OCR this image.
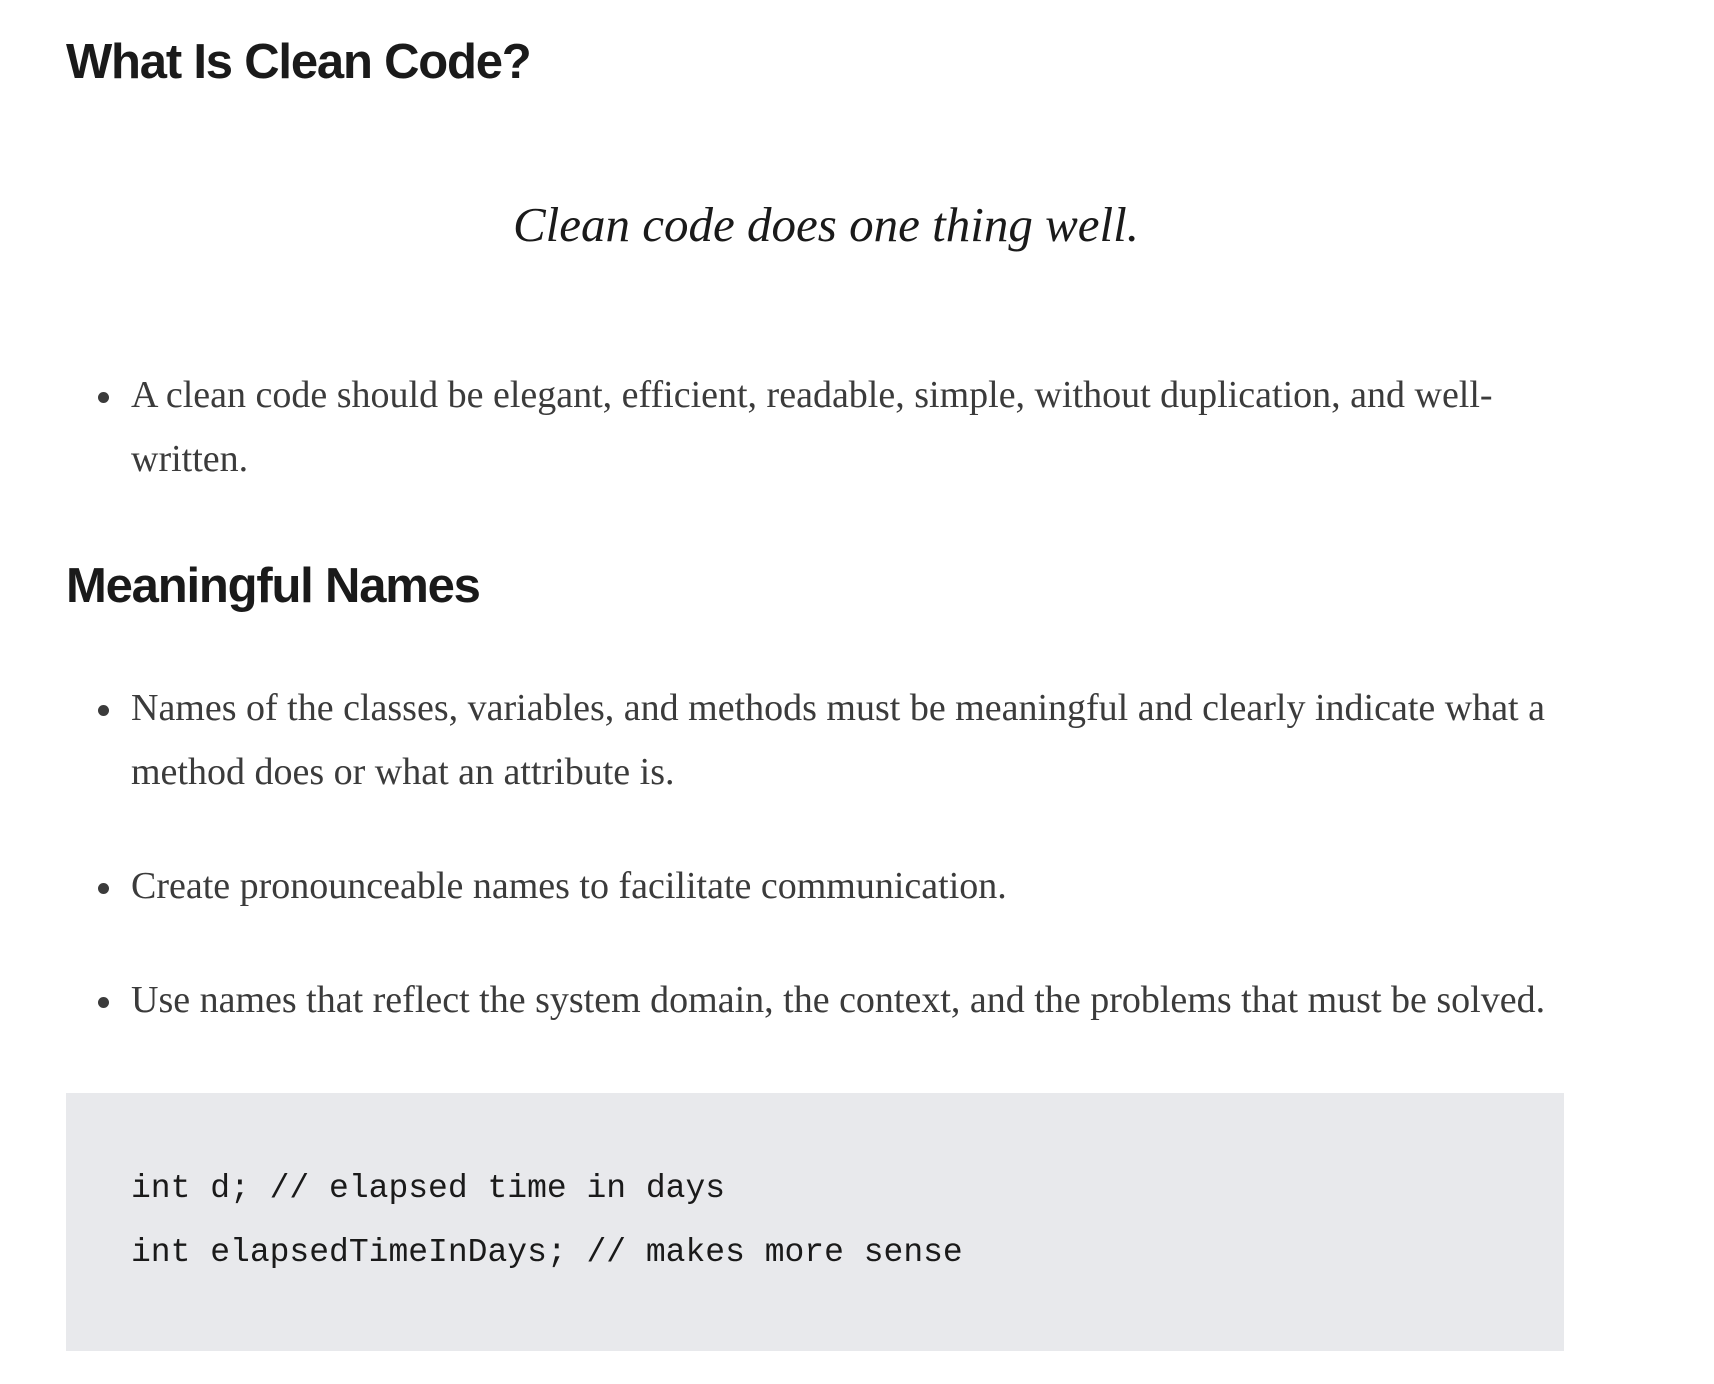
What Is Clean Code?
Clean code does one thing well.
A clean code should be elegant, efficient, readable, simple, without duplication, and well-written.
Meaningful Names
Names of the classes, variables, and methods must be meaningful and clearly indicate what a method does or what an attribute is.
Create pronounceable names to facilitate communication.
Use names that reflect the system domain, the context, and the problems that must be solved.
int d; // elapsed time in days
int elapsedTimeInDays; // makes more sense
